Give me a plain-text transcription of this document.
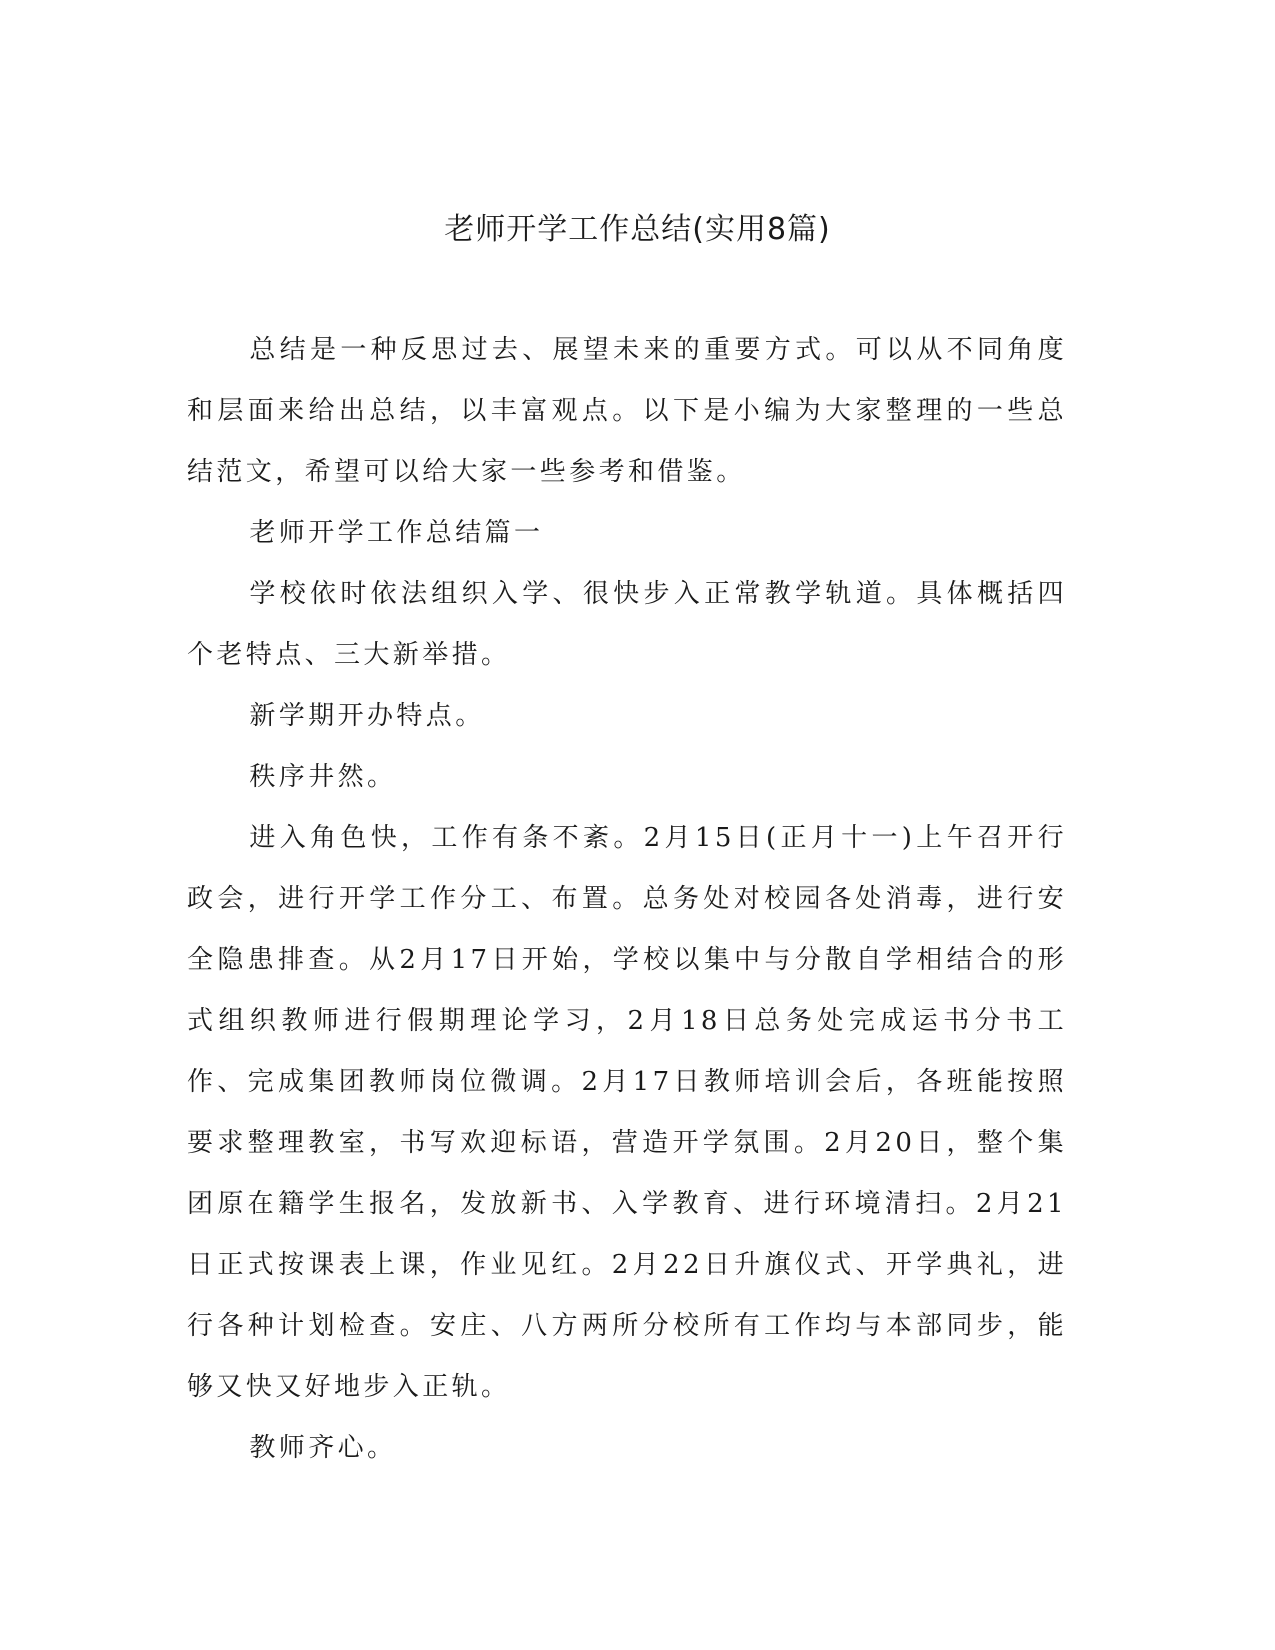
老师开学工作总结(实用8篇)

总结是一种反思过去、展望未来的重要方式。可以从不同角度和层面来给出总结，以丰富观点。以下是小编为大家整理的一些总结范文，希望可以给大家一些参考和借鉴。

老师开学工作总结篇一

学校依时依法组织入学、很快步入正常教学轨道。具体概括四个老特点、三大新举措。

新学期开办特点。

秩序井然。

进入角色快，工作有条不紊。2月15日(正月十一)上午召开行政会，进行开学工作分工、布置。总务处对校园各处消毒，进行安全隐患排查。从2月17日开始，学校以集中与分散自学相结合的形式组织教师进行假期理论学习，2月18日总务处完成运书分书工作、完成集团教师岗位微调。2月17日教师培训会后，各班能按照要求整理教室，书写欢迎标语，营造开学氛围。2月20日，整个集团原在籍学生报名，发放新书、入学教育、进行环境清扫。2月21日正式按课表上课，作业见红。2月22日升旗仪式、开学典礼，进行各种计划检查。安庄、八方两所分校所有工作均与本部同步，能够又快又好地步入正轨。

教师齐心。
